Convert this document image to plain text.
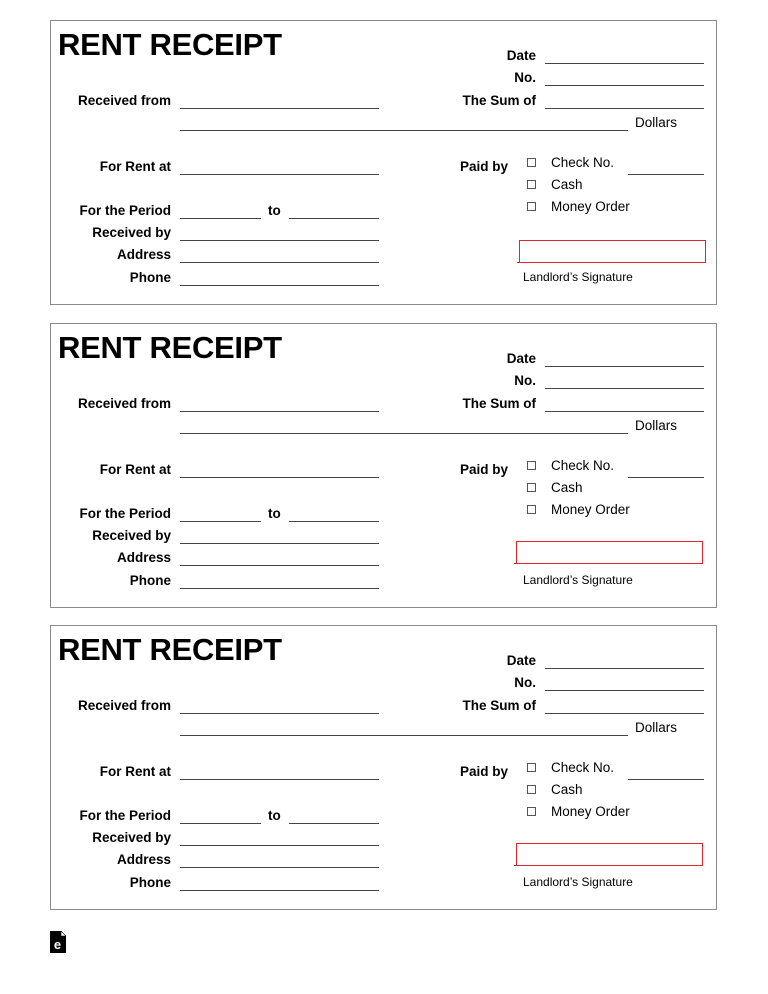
RENT RECEIPT	Date
No.
Received from	The Sum of
Dollars
For Rent at	Paid by	Check No.
Cash
Money Order
For the Period	to
Received by
Address
Phone	Landlord’s Signature
RENT RECEIPT	Date
No.
Received from	The Sum of
Dollars
For Rent at	Paid by	Check No.
Cash
Money Order
For the Period	to
Received by
Address
Phone	Landlord’s Signature
RENT RECEIPT	Date
No.
Received from	The Sum of
Dollars
For Rent at	Paid by	Check No.
Cash
Money Order
For the Period	to
Received by
Address
Phone	Landlord’s Signature
e
